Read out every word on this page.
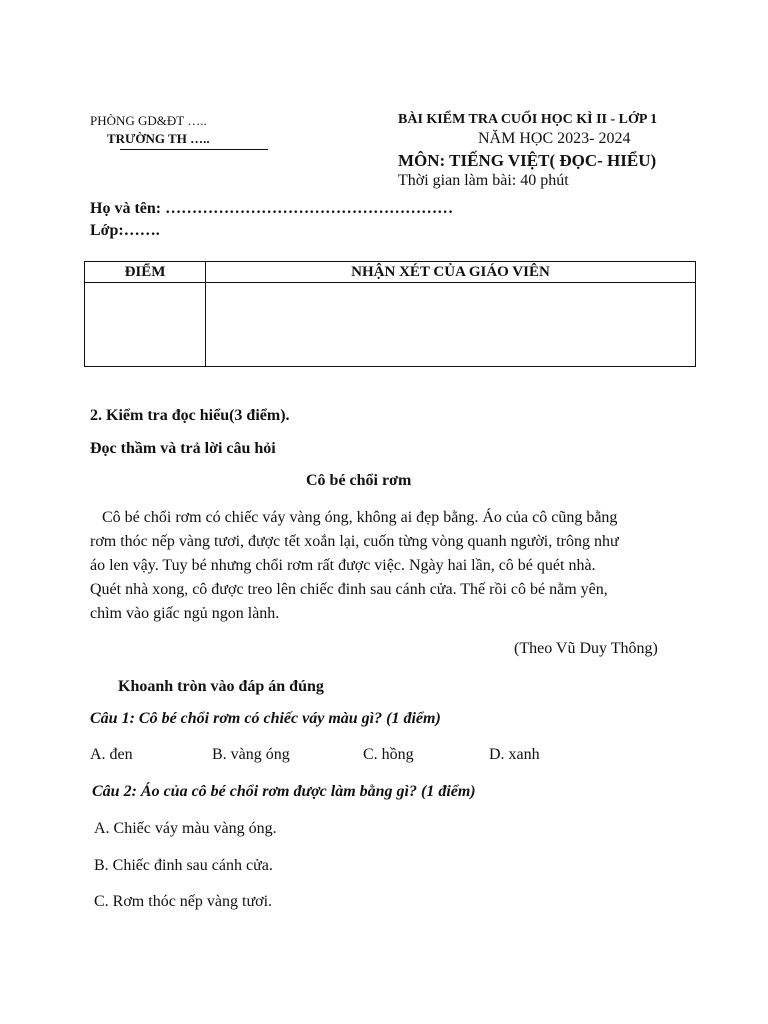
PHÒNG GD&ĐT …..
TRƯỜNG TH …..
BÀI KIỂM TRA CUỐI HỌC KÌ II - LỚP 1
NĂM HỌC 2023- 2024
MÔN: TIẾNG VIỆT( ĐỌC- HIỂU)
Thời gian làm bài: 40 phút
Họ và tên: ………………………………………………
Lớp:…….
ĐIỂM	NHẬN XÉT CỦA GIÁO VIÊN

2. Kiểm tra đọc hiểu(3 điểm).
Đọc thầm và trả lời câu hỏi
Cô bé chổi rơm
Cô bé chổi rơm có chiếc váy vàng óng, không ai đẹp bằng. Áo của cô cũng bằng
rơm thóc nếp vàng tươi, được tết xoắn lại, cuốn từng vòng quanh người, trông như
áo len vậy. Tuy bé nhưng chổi rơm rất được việc. Ngày hai lần, cô bé quét nhà.
Quét nhà xong, cô được treo lên chiếc đinh sau cánh cửa. Thế rồi cô bé nằm yên,
chìm vào giấc ngủ ngon lành.
(Theo Vũ Duy Thông)
Khoanh tròn vào đáp án đúng
Câu 1: Cô bé chổi rơm có chiếc váy màu gì? (1 điểm)
A. đen	B. vàng óng	C. hồng	D. xanh
Câu 2: Áo của cô bé chổi rơm được làm bằng gì? (1 điểm)
A. Chiếc váy màu vàng óng.
B. Chiếc đinh sau cánh cửa.
C. Rơm thóc nếp vàng tươi.
